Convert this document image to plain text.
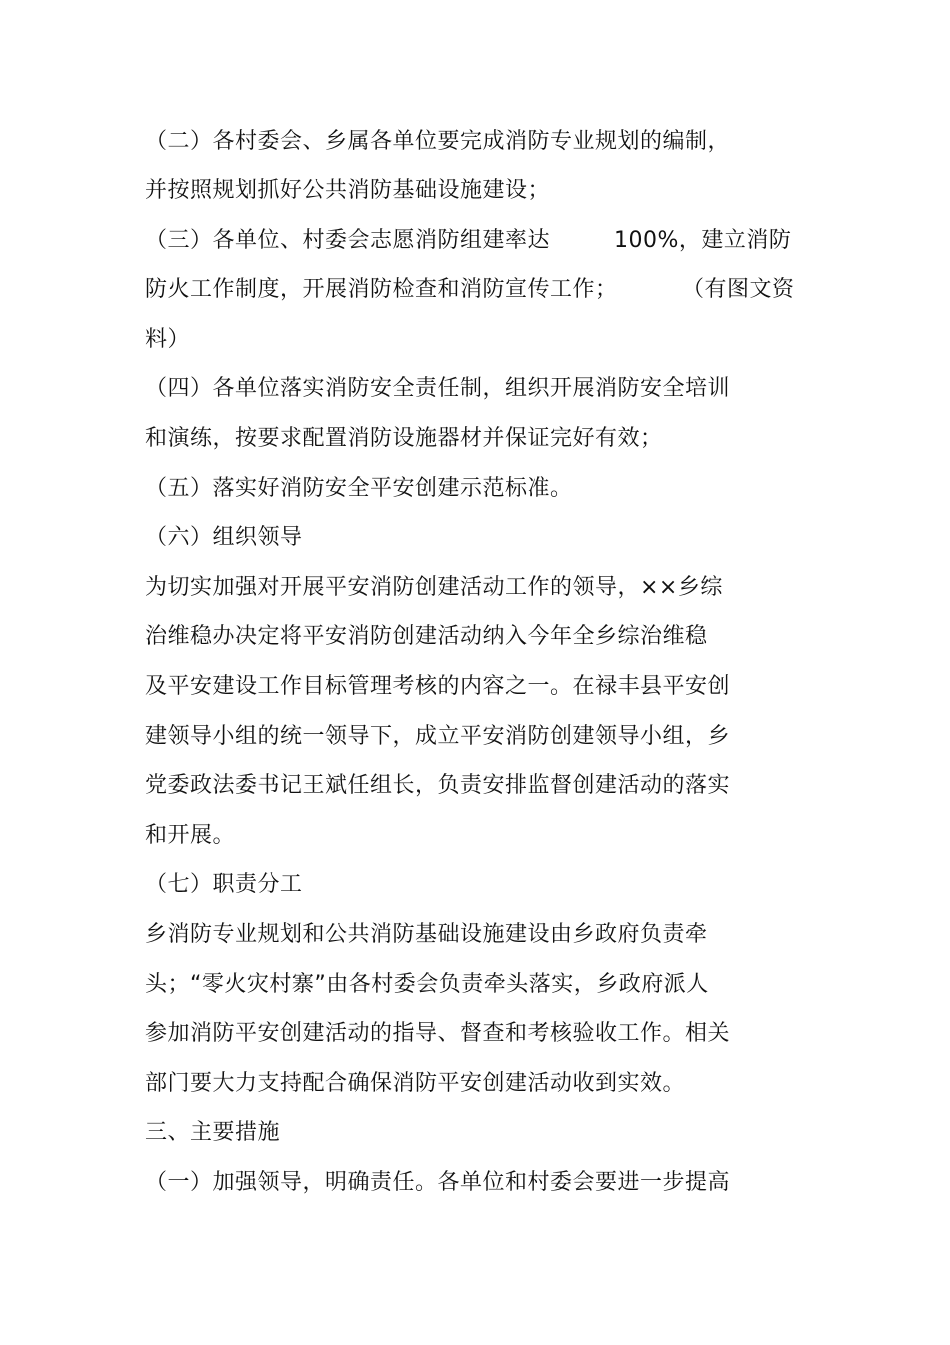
（二）各村委会、乡属各单位要完成消防专业规划的编制，
并按照规划抓好公共消防基础设施建设；
（三）各单位、村委会志愿消防组建率达	100%，建立消防
防火工作制度，开展消防检查和消防宣传工作；	（有图文资
料）
（四）各单位落实消防安全责任制，组织开展消防安全培训
和演练，按要求配置消防设施器材并保证完好有效；
（五）落实好消防安全平安创建示范标准。
（六）组织领导
为切实加强对开展平安消防创建活动工作的领导，××乡综
治维稳办决定将平安消防创建活动纳入今年全乡综治维稳
及平安建设工作目标管理考核的内容之一。在禄丰县平安创
建领导小组的统一领导下，成立平安消防创建领导小组，乡
党委政法委书记王斌任组长，负责安排监督创建活动的落实
和开展。
（七）职责分工
乡消防专业规划和公共消防基础设施建设由乡政府负责牵
头；“零火灾村寨”由各村委会负责牵头落实，乡政府派人
参加消防平安创建活动的指导、督查和考核验收工作。相关
部门要大力支持配合确保消防平安创建活动收到实效。
三、主要措施
（一）加强领导，明确责任。各单位和村委会要进一步提高
